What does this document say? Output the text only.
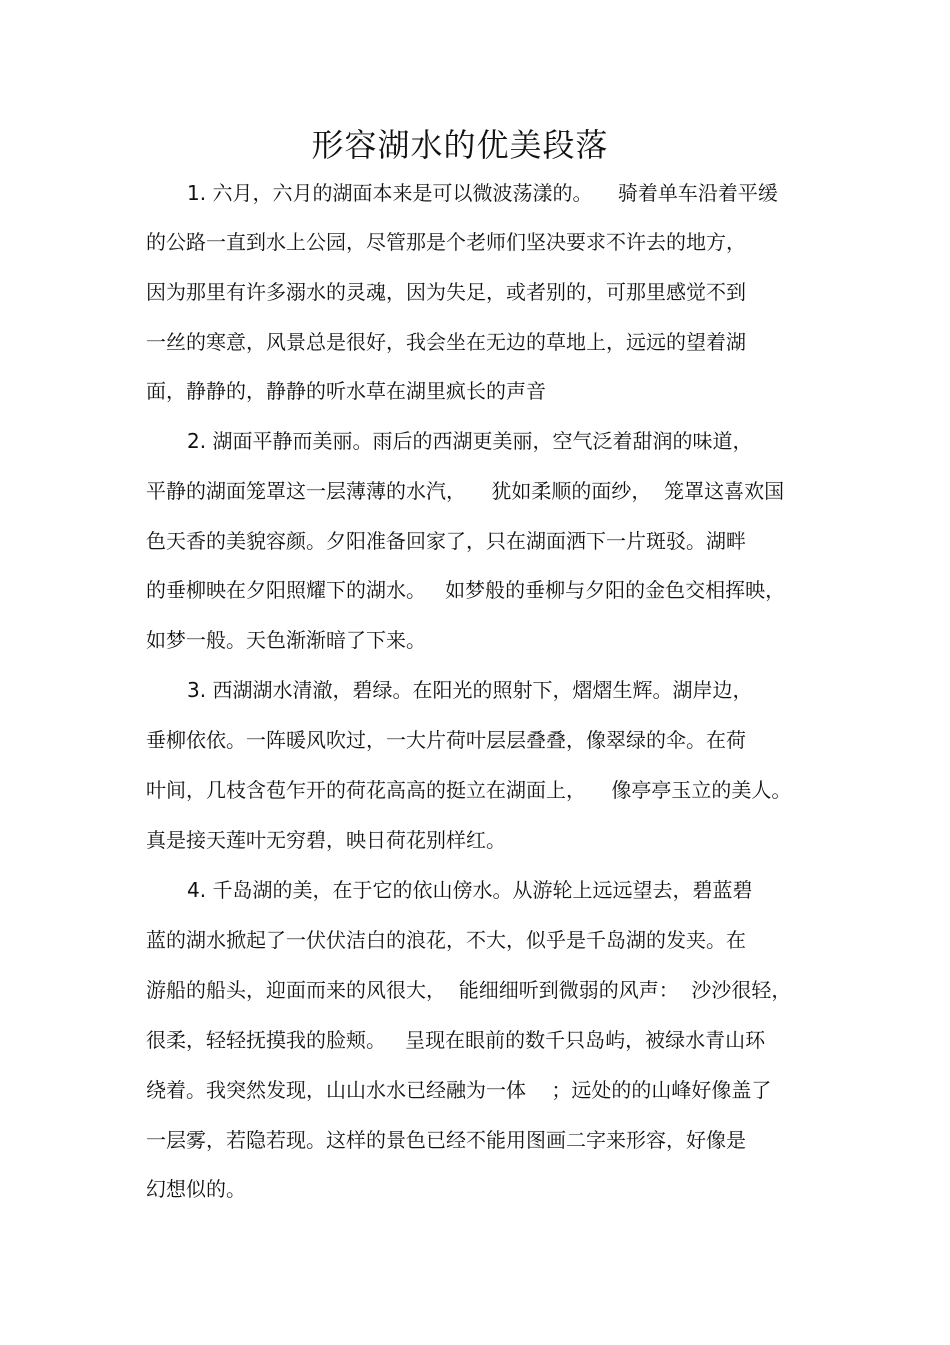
形容湖水的优美段落

1. 六月，六月的湖面本来是可以微波荡漾的。    骑着单车沿着平缓

的公路一直到水上公园，尽管那是个老师们坚决要求不许去的地方，

因为那里有许多溺水的灵魂，因为失足，或者别的，可那里感觉不到

一丝的寒意，风景总是很好，我会坐在无边的草地上，远远的望着湖

面，静静的，静静的听水草在湖里疯长的声音

2. 湖面平静而美丽。雨后的西湖更美丽，空气泛着甜润的味道，

平静的湖面笼罩这一层薄薄的水汽，    犹如柔顺的面纱，  笼罩这喜欢国

色天香的美貌容颜。夕阳准备回家了，只在湖面洒下一片斑驳。湖畔

的垂柳映在夕阳照耀下的湖水。   如梦般的垂柳与夕阳的金色交相挥映，

如梦一般。天色渐渐暗了下来。

3. 西湖湖水清澈，碧绿。在阳光的照射下，熠熠生辉。湖岸边，

垂柳依依。一阵暖风吹过，一大片荷叶层层叠叠，像翠绿的伞。在荷

叶间，几枝含苞乍开的荷花高高的挺立在湖面上，    像亭亭玉立的美人。

真是接天莲叶无穷碧，映日荷花别样红。

4. 千岛湖的美，在于它的依山傍水。从游轮上远远望去，碧蓝碧

蓝的湖水掀起了一伏伏洁白的浪花，不大，似乎是千岛湖的发夹。在

游船的船头，迎面而来的风很大，  能细细听到微弱的风声：  沙沙很轻，

很柔，轻轻抚摸我的脸颊。   呈现在眼前的数千只岛屿，被绿水青山环

绕着。我突然发现，山山水水已经融为一体    ；远处的的山峰好像盖了

一层雾，若隐若现。这样的景色已经不能用图画二字来形容，好像是

幻想似的。
